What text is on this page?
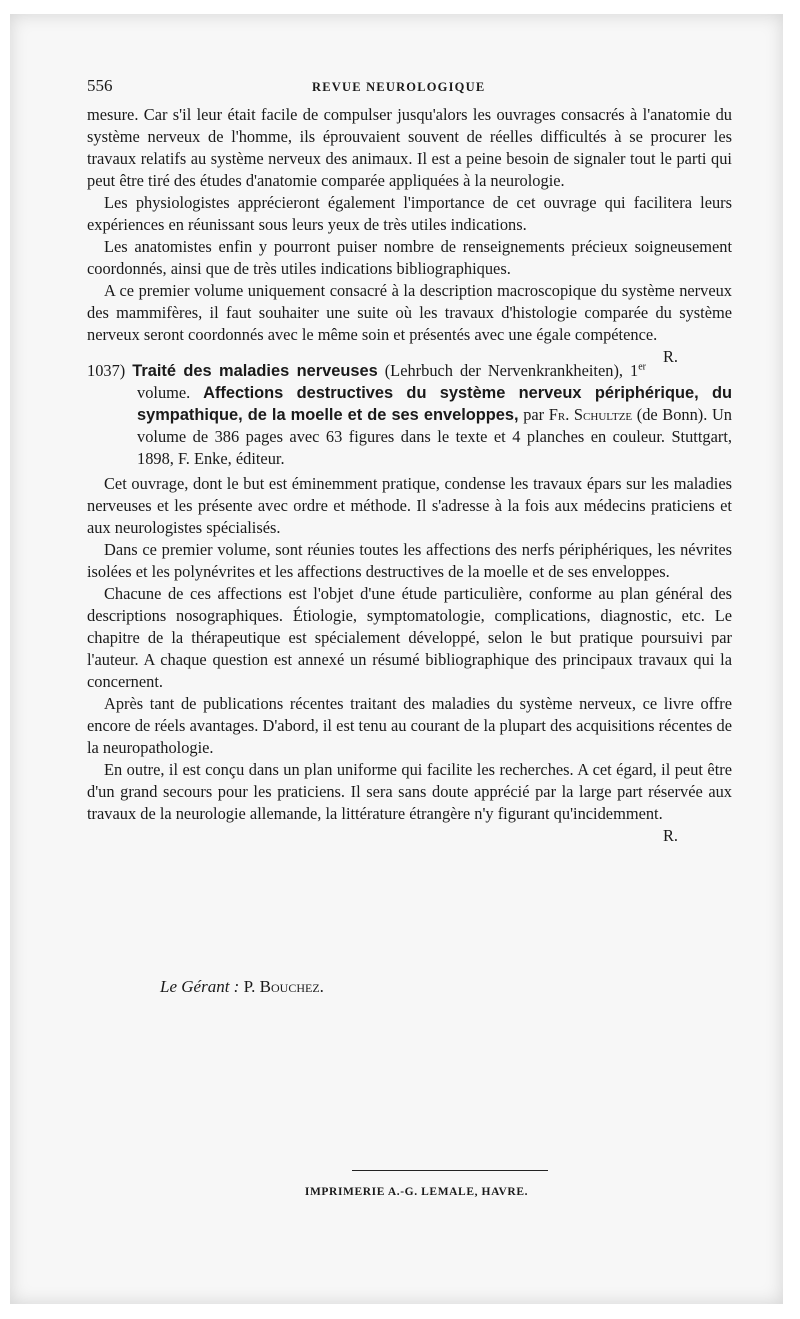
556	REVUE NEUROLOGIQUE

mesure. Car s'il leur était facile de compulser jusqu'alors les ouvrages consacrés à l'anatomie du système nerveux de l'homme, ils éprouvaient souvent de réelles difficultés à se procurer les travaux relatifs au système nerveux des animaux. Il est a peine besoin de signaler tout le parti qui peut être tiré des études d'anatomie comparée appliquées à la neurologie.

Les physiologistes apprécieront également l'importance de cet ouvrage qui facilitera leurs expériences en réunissant sous leurs yeux de très utiles indications.

Les anatomistes enfin y pourront puiser nombre de renseignements précieux soigneusement coordonnés, ainsi que de très utiles indications bibliographiques.

A ce premier volume uniquement consacré à la description macroscopique du système nerveux des mammifères, il faut souhaiter une suite où les travaux d'histologie comparée du système nerveux seront coordonnés avec le même soin et présentés avec une égale compétence.
R.

1037) Traité des maladies nerveuses (Lehrbuch der Nervenkrankheiten), 1er volume. Affections destructives du système nerveux périphérique, du sympathique, de la moelle et de ses enveloppes, par Fr. Schultze (de Bonn). Un volume de 386 pages avec 63 figures dans le texte et 4 planches en couleur. Stuttgart, 1898, F. Enke, éditeur.

Cet ouvrage, dont le but est éminemment pratique, condense les travaux épars sur les maladies nerveuses et les présente avec ordre et méthode. Il s'adresse à la fois aux médecins praticiens et aux neurologistes spécialisés.

Dans ce premier volume, sont réunies toutes les affections des nerfs périphériques, les névrites isolées et les polynévrites et les affections destructives de la moelle et de ses enveloppes.

Chacune de ces affections est l'objet d'une étude particulière, conforme au plan général des descriptions nosographiques. Étiologie, symptomatologie, complications, diagnostic, etc. Le chapitre de la thérapeutique est spécialement développé, selon le but pratique poursuivi par l'auteur. A chaque question est annexé un résumé bibliographique des principaux travaux qui la concernent.

Après tant de publications récentes traitant des maladies du système nerveux, ce livre offre encore de réels avantages. D'abord, il est tenu au courant de la plupart des acquisitions récentes de la neuropathologie.

En outre, il est conçu dans un plan uniforme qui facilite les recherches. A cet égard, il peut être d'un grand secours pour les praticiens. Il sera sans doute apprécié par la large part réservée aux travaux de la neurologie allemande, la littérature étrangère n'y figurant qu'incidemment.
R.

Le Gérant : P. Bouchez.
IMPRIMERIE A.-G. LEMALE, HAVRE.
